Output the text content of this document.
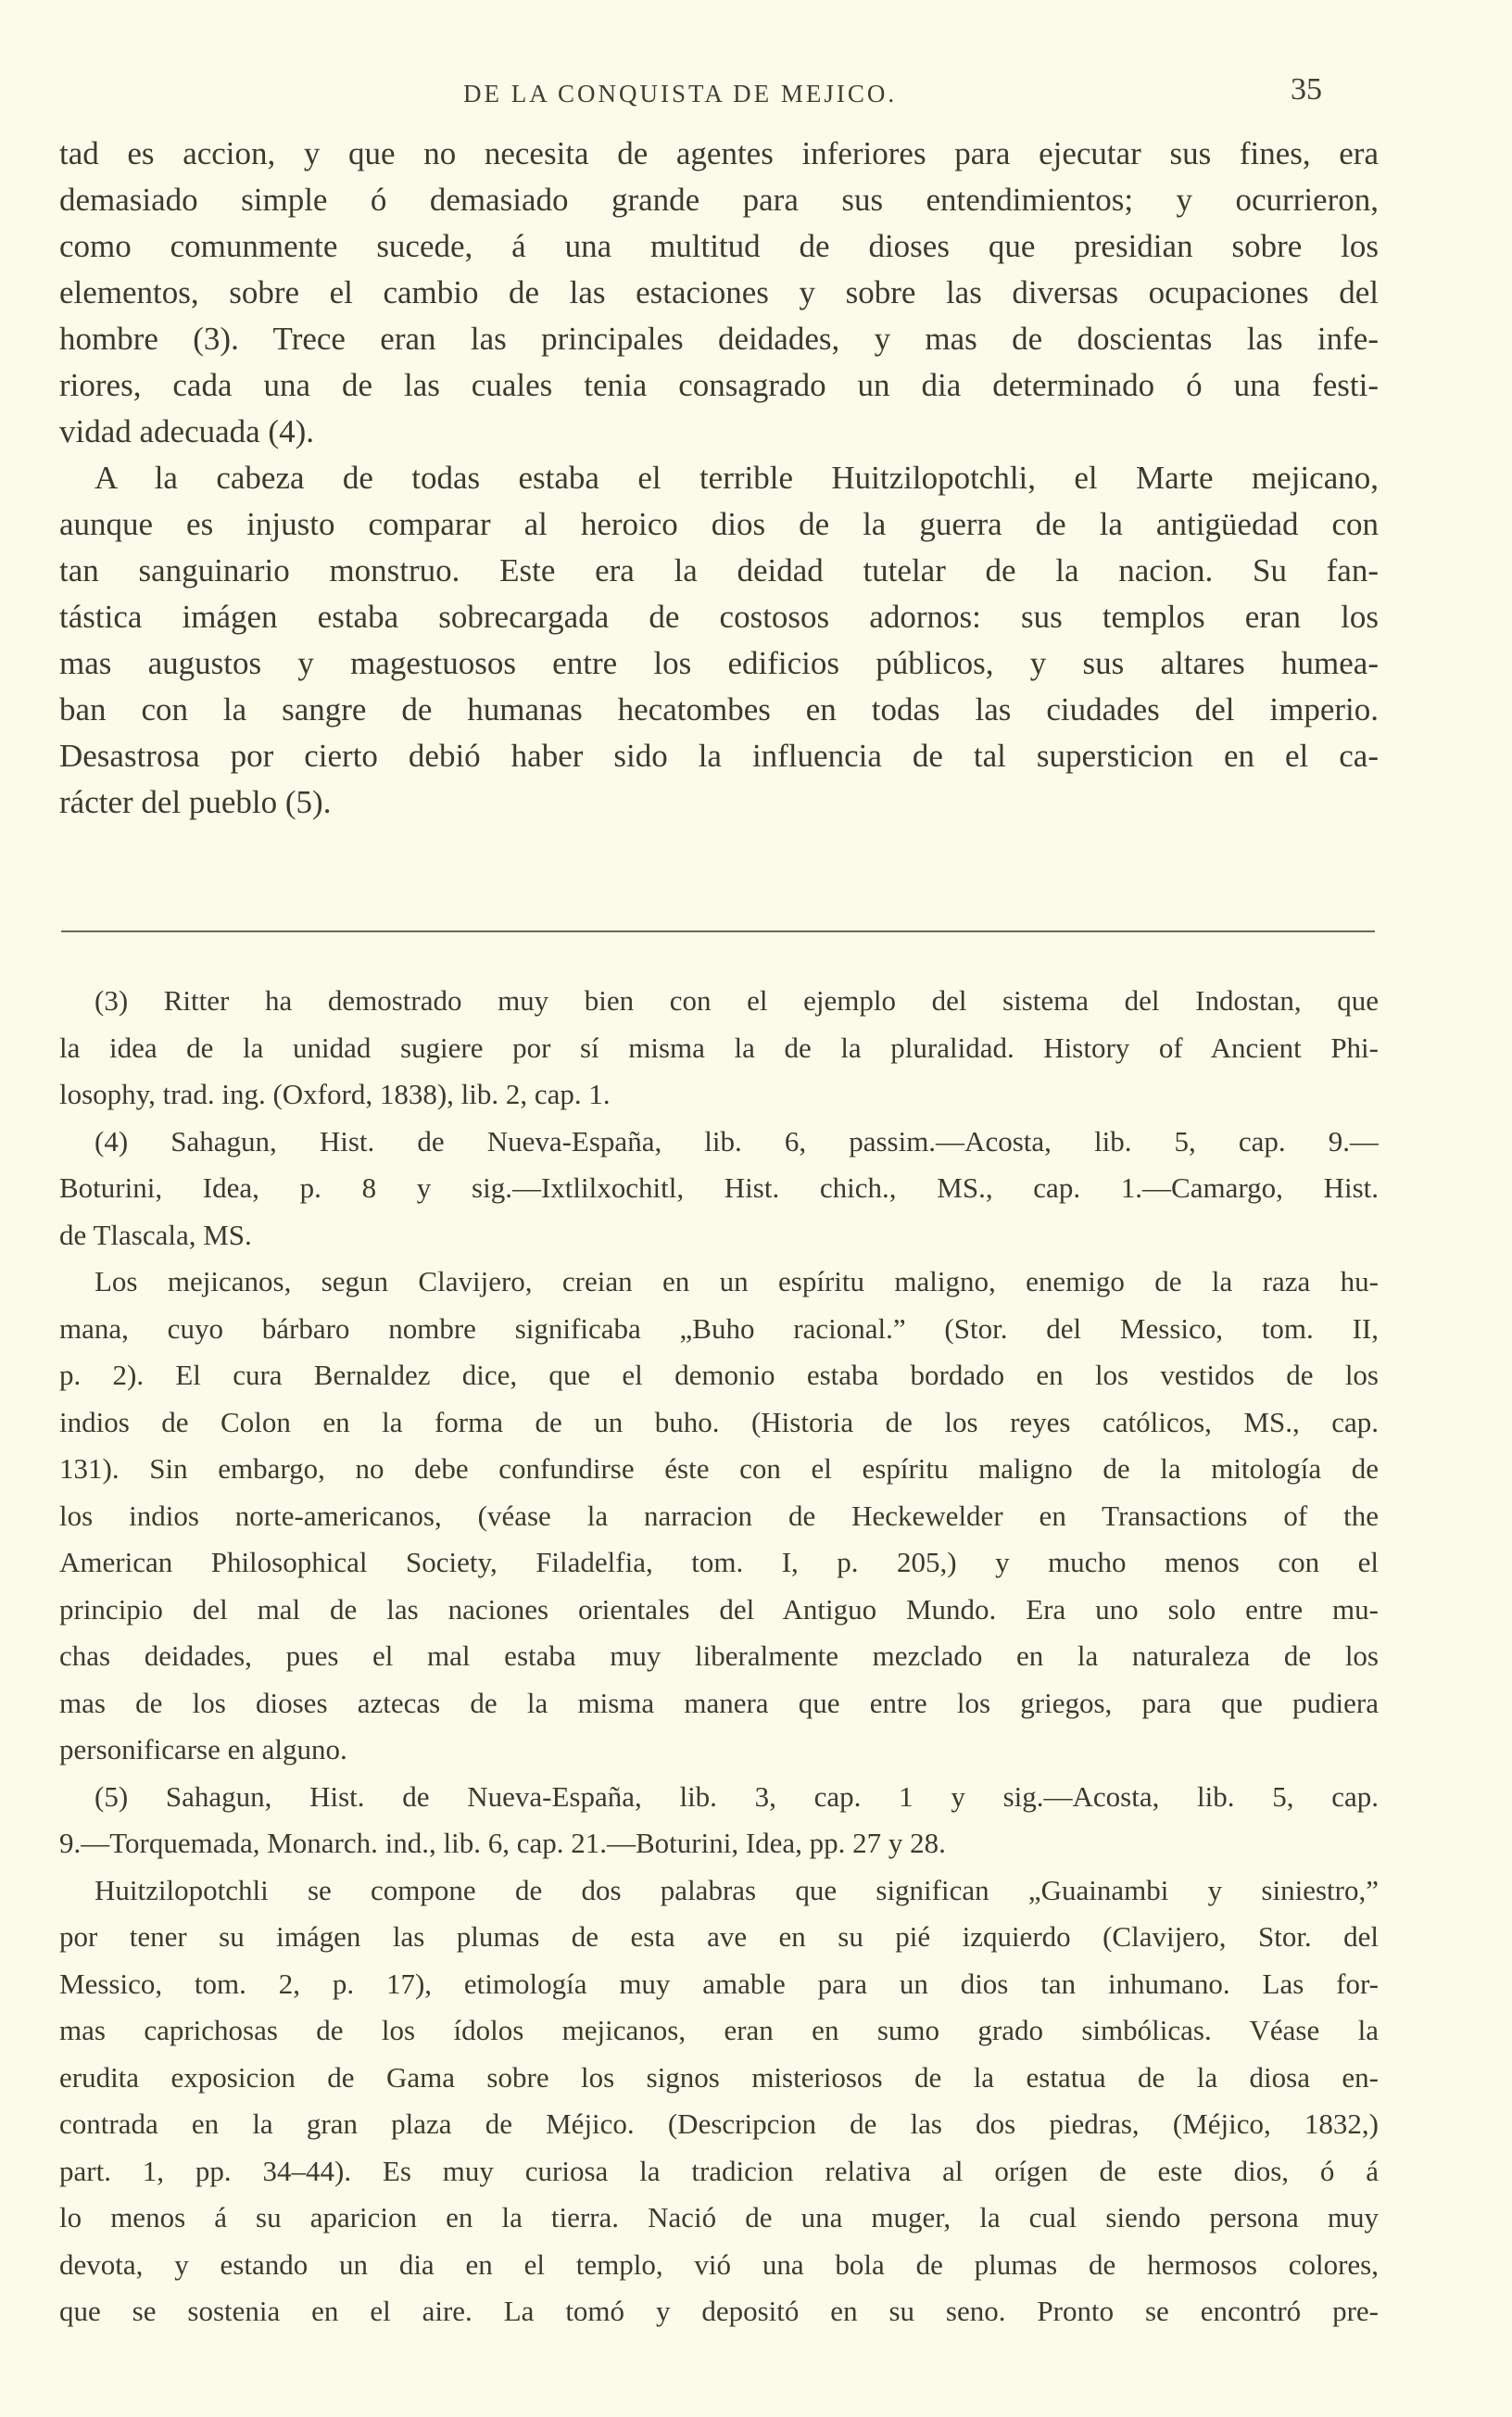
DE LA CONQUISTA DE MEJICO.	35
tad es accion, y que no necesita de agentes inferiores para ejecutar sus fines, era
demasiado simple ó demasiado grande para sus entendimientos; y ocurrieron,
como comunmente sucede, á una multitud de dioses que presidian sobre los
elementos, sobre el cambio de las estaciones y sobre las diversas ocupaciones del
hombre (3). Trece eran las principales deidades, y mas de doscientas las infe-
riores, cada una de las cuales tenia consagrado un dia determinado ó una festi-
vidad adecuada (4).
A la cabeza de todas estaba el terrible Huitzilopotchli, el Marte mejicano,
aunque es injusto comparar al heroico dios de la guerra de la antigüedad con
tan sanguinario monstruo. Este era la deidad tutelar de la nacion. Su fan-
tástica imágen estaba sobrecargada de costosos adornos: sus templos eran los
mas augustos y magestuosos entre los edificios públicos, y sus altares humea-
ban con la sangre de humanas hecatombes en todas las ciudades del imperio.
Desastrosa por cierto debió haber sido la influencia de tal supersticion en el ca-
rácter del pueblo (5).
(3) Ritter ha demostrado muy bien con el ejemplo del sistema del Indostan, que
la idea de la unidad sugiere por sí misma la de la pluralidad. History of Ancient Phi-
losophy, trad. ing. (Oxford, 1838), lib. 2, cap. 1.
(4) Sahagun, Hist. de Nueva-España, lib. 6, passim.—Acosta, lib. 5, cap. 9.—
Boturini, Idea, p. 8 y sig.—Ixtlilxochitl, Hist. chich., MS., cap. 1.—Camargo, Hist.
de Tlascala, MS.
Los mejicanos, segun Clavijero, creian en un espíritu maligno, enemigo de la raza hu-
mana, cuyo bárbaro nombre significaba „Buho racional.” (Stor. del Messico, tom. II,
p. 2). El cura Bernaldez dice, que el demonio estaba bordado en los vestidos de los
indios de Colon en la forma de un buho. (Historia de los reyes católicos, MS., cap.
131). Sin embargo, no debe confundirse éste con el espíritu maligno de la mitología de
los indios norte-americanos, (véase la narracion de Heckewelder en Transactions of the
American Philosophical Society, Filadelfia, tom. I, p. 205,) y mucho menos con el
principio del mal de las naciones orientales del Antiguo Mundo. Era uno solo entre mu-
chas deidades, pues el mal estaba muy liberalmente mezclado en la naturaleza de los
mas de los dioses aztecas de la misma manera que entre los griegos, para que pudiera
personificarse en alguno.
(5) Sahagun, Hist. de Nueva-España, lib. 3, cap. 1 y sig.—Acosta, lib. 5, cap.
9.—Torquemada, Monarch. ind., lib. 6, cap. 21.—Boturini, Idea, pp. 27 y 28.
Huitzilopotchli se compone de dos palabras que significan „Guainambi y siniestro,”
por tener su imágen las plumas de esta ave en su pié izquierdo (Clavijero, Stor. del
Messico, tom. 2, p. 17), etimología muy amable para un dios tan inhumano. Las for-
mas caprichosas de los ídolos mejicanos, eran en sumo grado simbólicas. Véase la
erudita exposicion de Gama sobre los signos misteriosos de la estatua de la diosa en-
contrada en la gran plaza de Méjico. (Descripcion de las dos piedras, (Méjico, 1832,)
part. 1, pp. 34–44). Es muy curiosa la tradicion relativa al orígen de este dios, ó á
lo menos á su aparicion en la tierra. Nació de una muger, la cual siendo persona muy
devota, y estando un dia en el templo, vió una bola de plumas de hermosos colores,
que se sostenia en el aire. La tomó y depositó en su seno. Pronto se encontró pre-
